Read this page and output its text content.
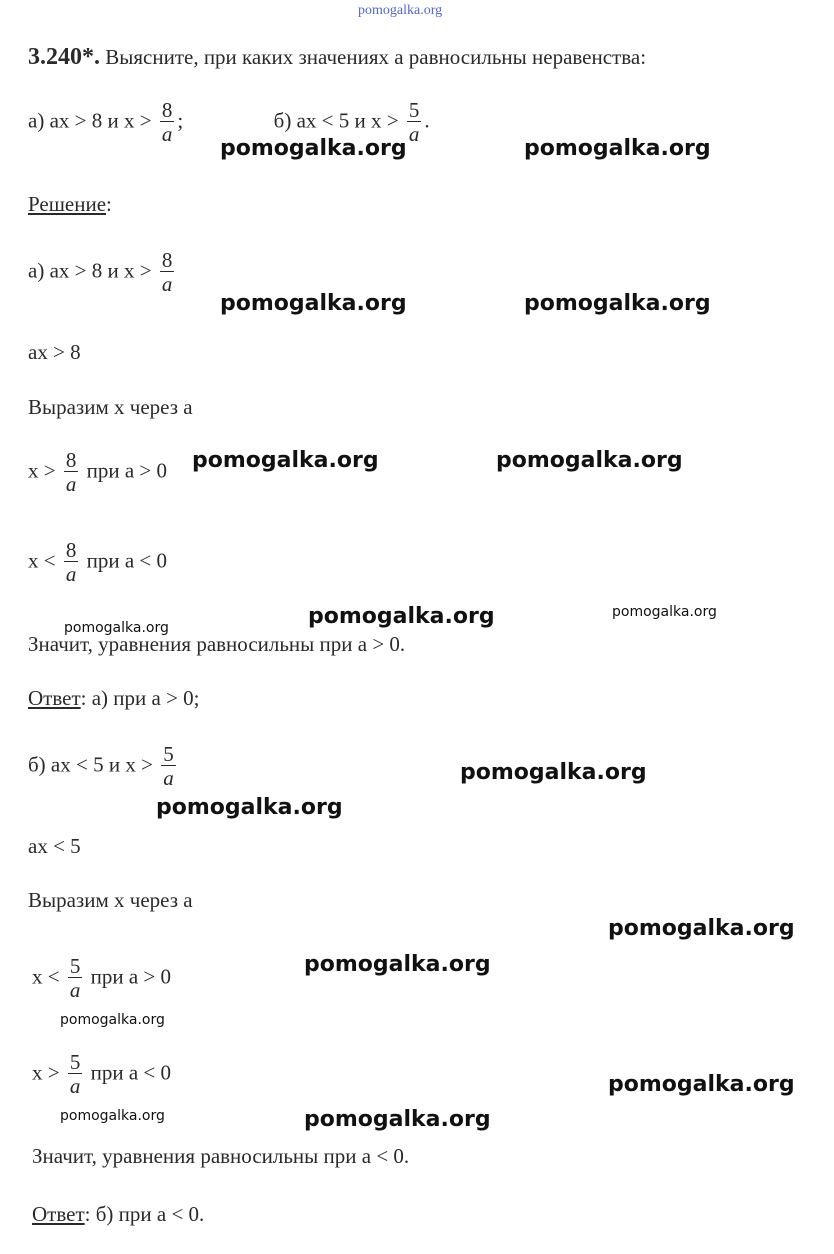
pomogalka.org
3.240*. Выясните, при каких значениях а равносильны неравенства:
а) ах > 8 и $х > \frac{8}{a}$ ;	б) ах < 5 и $х > \frac{5}{a}$ .
Решение:
а) ах > 8 и $х > \frac{8}{a}$
ах > 8
Выразим х через а
$х > \frac{8}{a}$ при а > 0
$х < \frac{8}{a}$ при а < 0
Значит, уравнения равносильны при а > 0.
Ответ: а) при а > 0;
б) ах < 5 и $х > \frac{5}{a}$
ах < 5
Выразим х через а
$х < \frac{5}{a}$ при а > 0
$х > \frac{5}{a}$ при а < 0
Значит, уравнения равносильны при а < 0.
Ответ: б) при а < 0.
pomogalka.org	pomogalka.org
pomogalka.org	pomogalka.org
pomogalka.org	pomogalka.org
pomogalka.org	pomogalka.org
pomogalka.org
pomogalka.org
pomogalka.org
pomogalka.org
pomogalka.org
pomogalka.org
pomogalka.org
pomogalka.org	pomogalka.org
